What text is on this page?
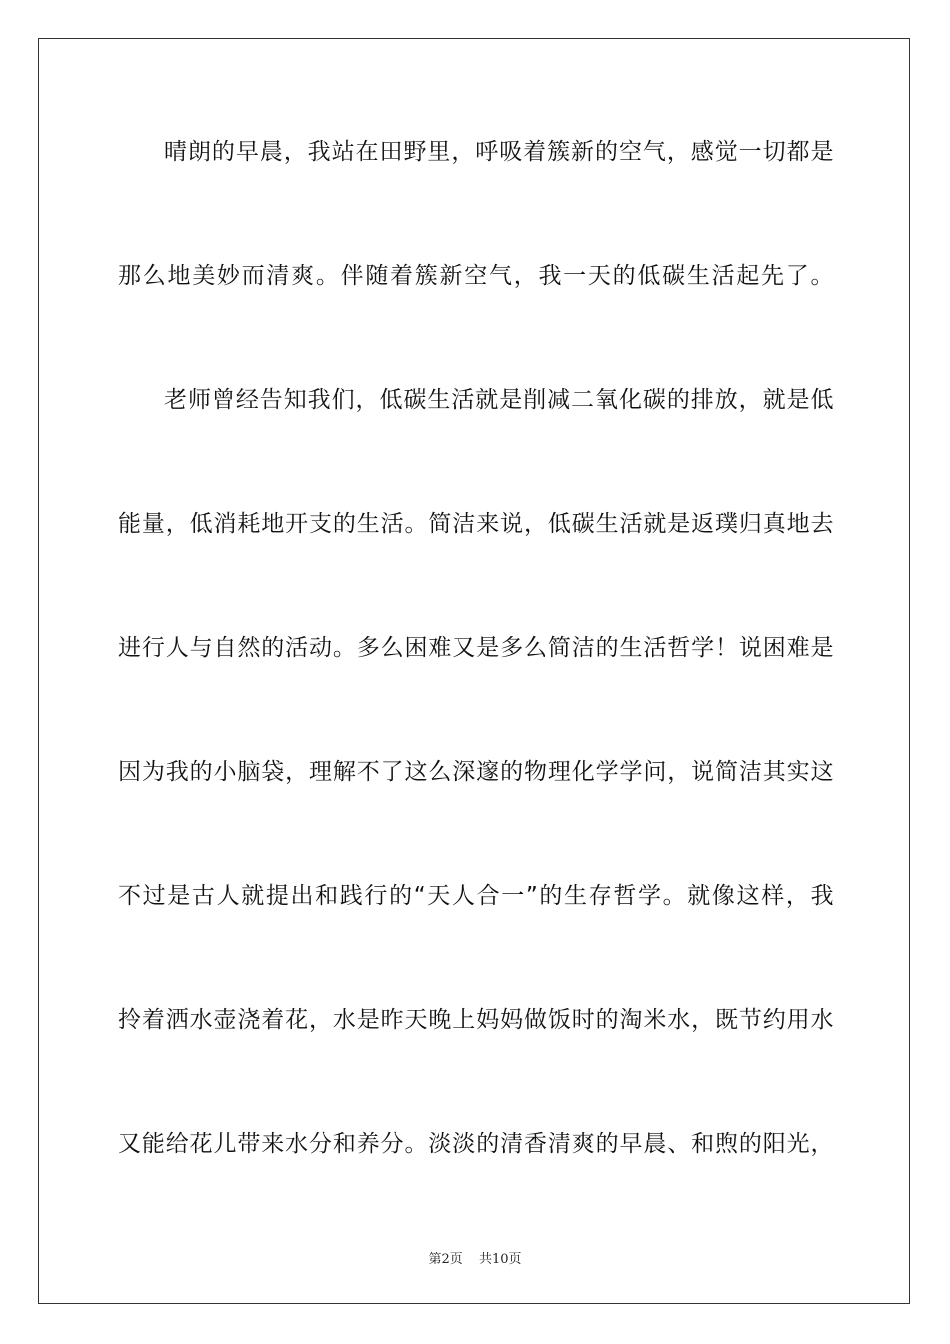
晴朗的早晨，我站在田野里，呼吸着簇新的空气，感觉一切都是
那么地美妙而清爽。伴随着簇新空气，我一天的低碳生活起先了。
老师曾经告知我们，低碳生活就是削减二氧化碳的排放，就是低
能量，低消耗地开支的生活。简洁来说，低碳生活就是返璞归真地去
进行人与自然的活动。多么困难又是多么简洁的生活哲学！说困难是
因为我的小脑袋，理解不了这么深邃的物理化学学问，说简洁其实这
不过是古人就提出和践行的“天人合一”的生存哲学。就像这样，我
拎着洒水壶浇着花，水是昨天晚上妈妈做饭时的淘米水，既节约用水
又能给花儿带来水分和养分。淡淡的清香清爽的早晨、和煦的阳光，
第2页 共10页
